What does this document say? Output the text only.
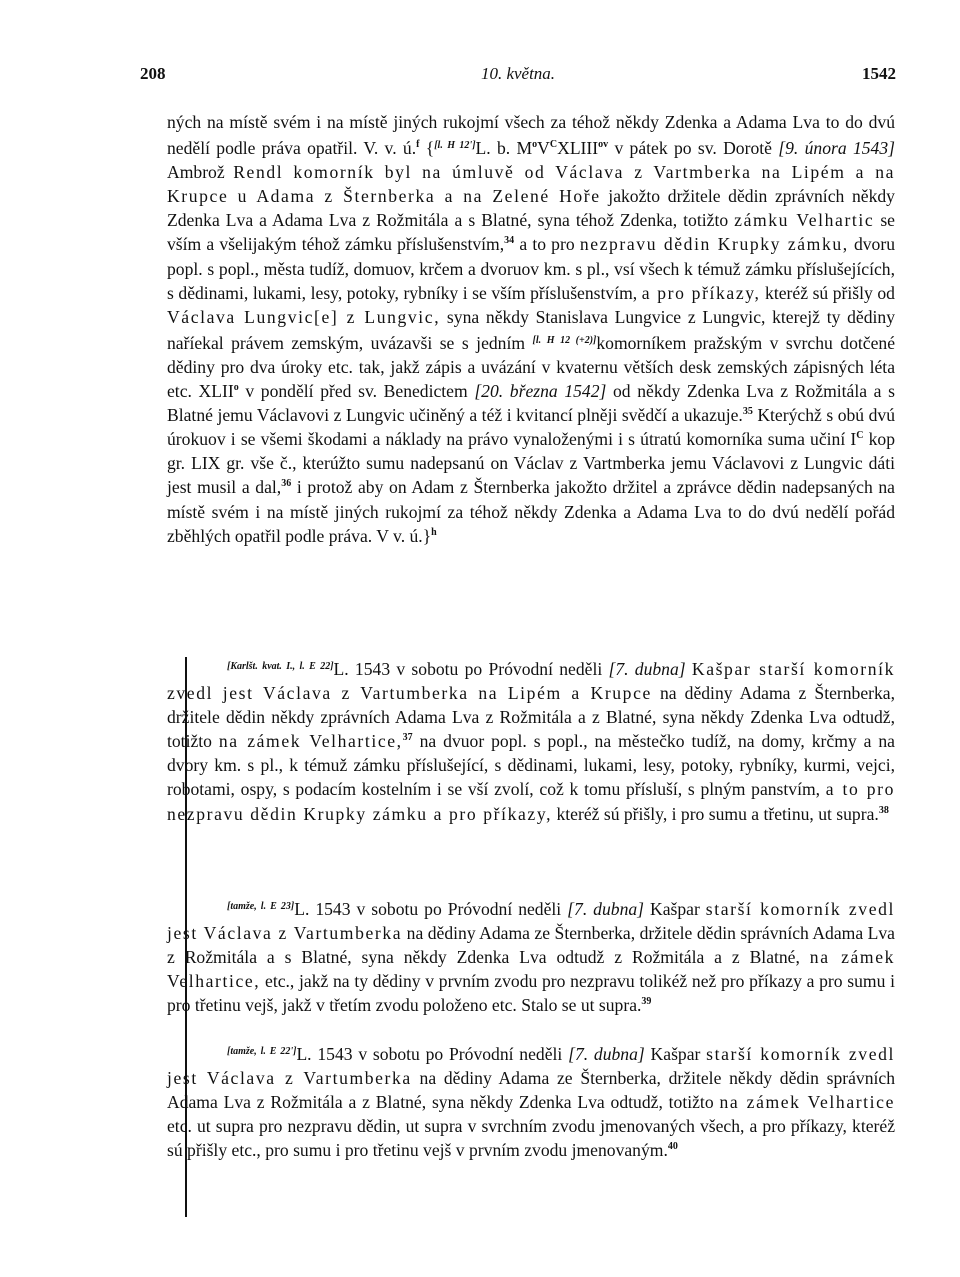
208	10. května.	1542

ných na místě svém i na místě jiných rukojmí všech za téhož někdy Zdenka a Adama Lva to do dvú nedělí podle práva opatřil. V. v. ú.$^f$ {[l. H 12']L. b. $M^oV^CXLIII^{ov}$ v pátek po sv. Dorotě [9. února 1543] Ambrož Rendl komorník byl na úmluvě od Václava z Vartmberka na Lipém a na Krupce u Adama z Šternberka a na Zelené Hoře jakožto držitele dědin zprávních někdy Zdenka Lva a Adama Lva z Rožmitála a s Blatné, syna téhož Zdenka, totižto zámku Velhartic se vším a všelijakým téhož zámku příslušenstvím,$^{34}$ a to pro nezpravu dědin Krupky zámku, dvoru popl. s popl., města tudíž, domuov, krčem a dvoruov km. s pl., vsí všech k témuž zámku příslušejících, s dědinami, lukami, lesy, potoky, rybníky i se vším příslušenstvím, a pro příkazy, kteréž sú přišly od Václava Lungvic[e] z Lungvic, syna někdy Stanislava Lungvice z Lungvic, kterejž ty dědiny naříekal právem zemským, uvázavši se s jedním [l. H 12 (+2)]komorníkem pražským v svrchu dotčené dědiny pro dva úroky etc. tak, jakž zápis a uvázání v kvaternu větších desk zemských zápisných léta etc. XLII$^o$ v pondělí před sv. Benedictem [20. března 1542] od někdy Zdenka Lva z Rožmitála a s Blatné jemu Václavovi z Lungvic učiněný a též i kvitancí plněji svědčí a ukazuje.$^{35}$ Kterýchž s obú dvú úrokuov i se všemi škodami a náklady na právo vynaloženými i s útratú komorníka suma učiní $I^C$ kop gr. LIX gr. vše č., kterúžto sumu nadepsanú on Václav z Vartmberka jemu Václavovi z Lungvic dáti jest musil a dal,$^{36}$ i protož aby on Adam z Šternberka jakožto držitel a zprávce dědin nadepsaných na místě svém i na místě jiných rukojmí za téhož někdy Zdenka a Adama Lva to do dvú nedělí pořád zběhlých opatřil podle práva. V v. ú.}$^h$

[Karlšt. kvat. I., l. E 22]L. 1543 v sobotu po Próvodní neděli [7. dubna] Kašpar starší komorník zvedl jest Václava z Vartumberka na Lipém a Krupce na dědiny Adama z Šternberka, držitele dědin někdy zprávních Adama Lva z Rožmitála a z Blatné, syna někdy Zdenka Lva odtudž, totižto na zámek Velhartice,$^{37}$ na dvuor popl. s popl., na městečko tudíž, na domy, krčmy a na dvory km. s pl., k témuž zámku příslušející, s dědinami, lukami, lesy, potoky, rybníky, kurmi, vejci, robotami, ospy, s podacím kostelním i se vší zvolí, což k tomu přísluší, s plným panstvím, a to pro nezpravu dědin Krupky zámku a pro příkazy, kteréž sú přišly, i pro sumu a třetinu, ut supra.$^{38}$

[tamže, l. E 23]L. 1543 v sobotu po Próvodní neděli [7. dubna] Kašpar starší komorník zvedl jest Václava z Vartumberka na dědiny Adama ze Šternberka, držitele dědin správních Adama Lva z Rožmitála a s Blatné, syna někdy Zdenka Lva odtudž z Rožmitála a z Blatné, na zámek Velhartice, etc., jakž na ty dědiny v prvním zvodu pro nezpravu tolikéž než pro příkazy a pro sumu i pro třetinu vejš, jakž v třetím zvodu položeno etc. Stalo se ut supra.$^{39}$

[tamže, l. E 22']L. 1543 v sobotu po Próvodní neděli [7. dubna] Kašpar starší komorník zvedl jest Václava z Vartumberka na dědiny Adama ze Šternberka, držitele někdy dědin správních Adama Lva z Rožmitála a z Blatné, syna někdy Zdenka Lva odtudž, totižto na zámek Velhartice etc. ut supra pro nezpravu dědin, ut supra v svrchním zvodu jmenovaných všech, a pro příkazy, kteréž sú přišly etc., pro sumu i pro třetinu vejš v prvním zvodu jmenovaným.$^{40}$
